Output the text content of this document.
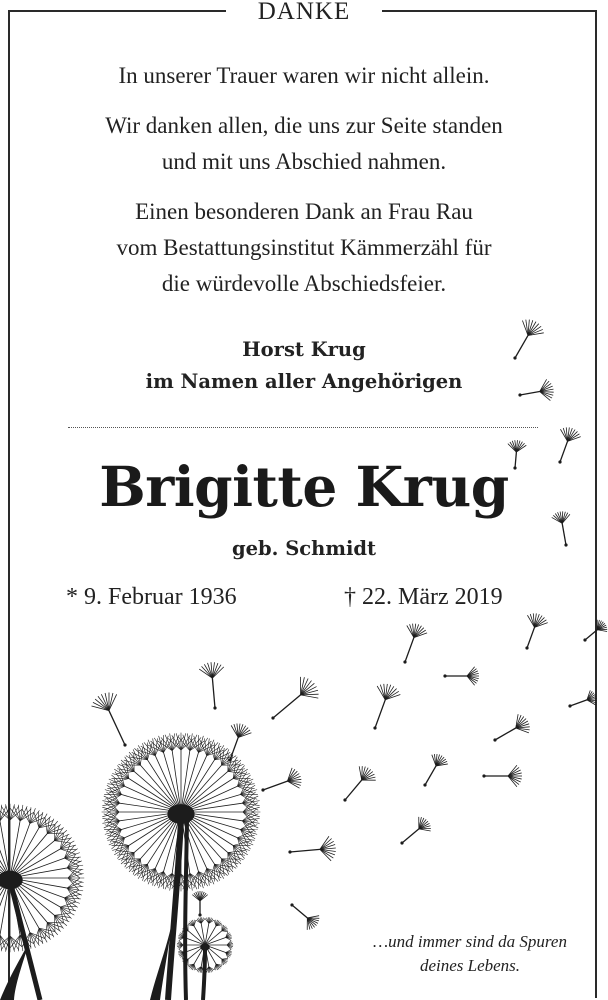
DANKE
In unserer Trauer waren wir nicht allein.
Wir danken allen, die uns zur Seite standen
und mit uns Abschied nahmen.
Einen besonderen Dank an Frau Rau
vom Bestattungsinstitut Kämmerzähl für
die würdevolle Abschiedsfeier.
Horst Krug
im Namen aller Angehörigen
Brigitte Krug
geb. Schmidt
* 9. Februar 1936	† 22. März 2019
…und immer sind da Spuren
deines Lebens.
